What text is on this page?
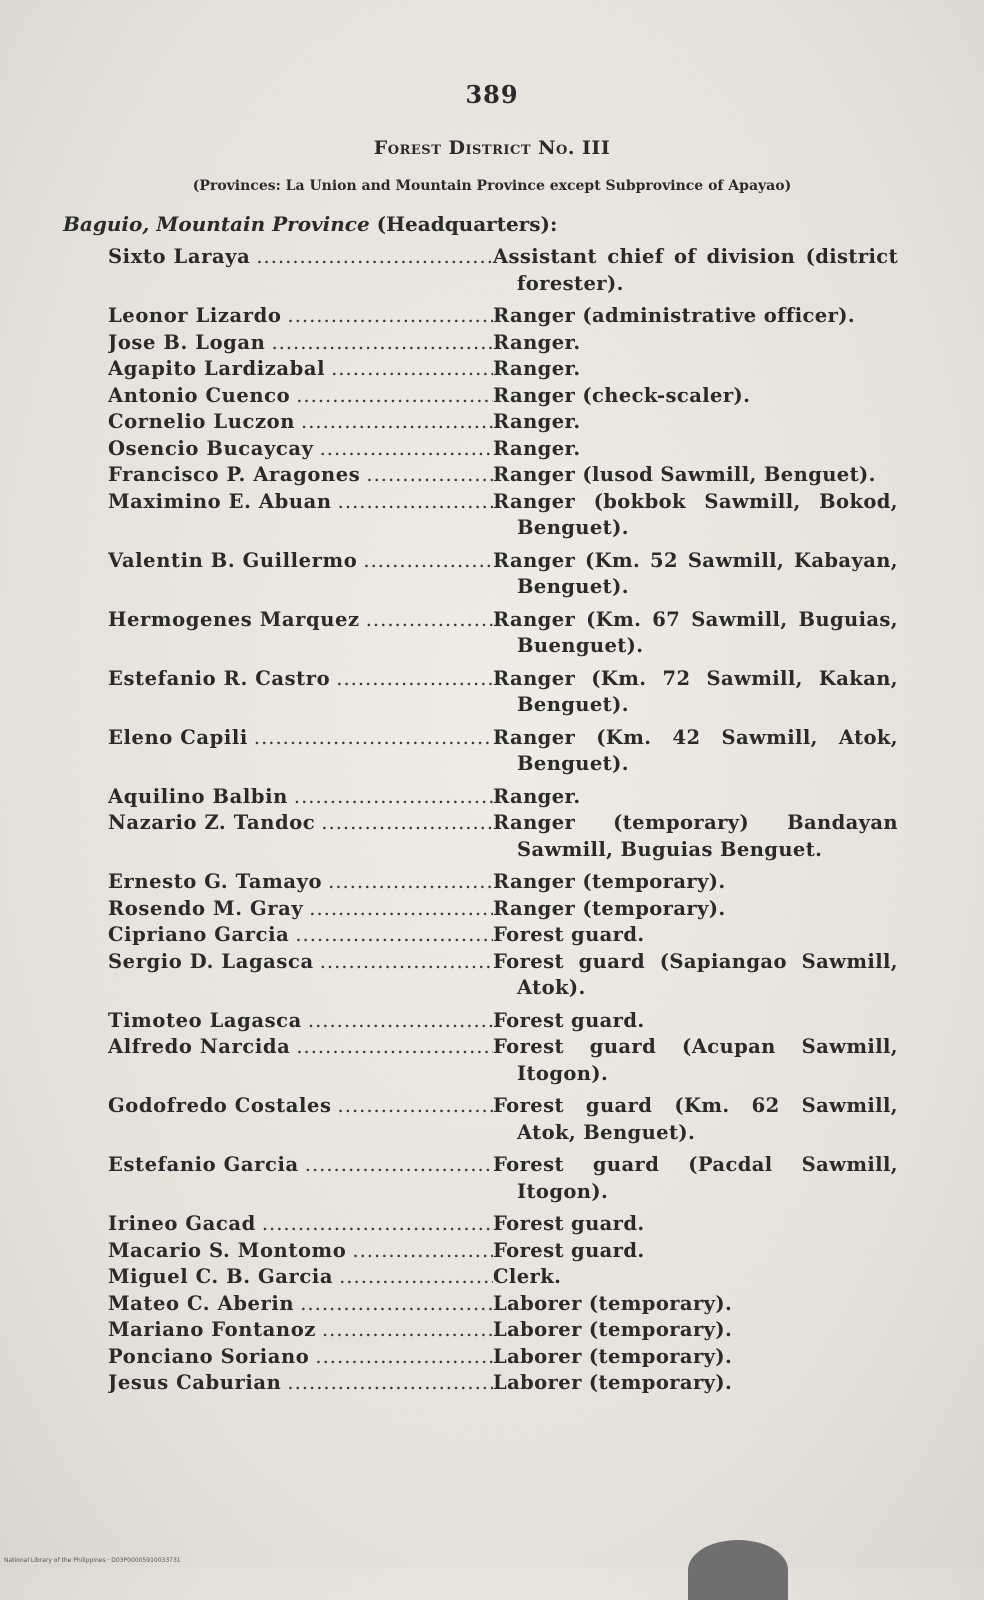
389
Forest District No. III
(Provinces: La Union and Mountain Province except Subprovince of Apayao)
Baguio, Mountain Province (Headquarters):
Sixto Laraya .....	Assistant chief of division (district forester).
Leonor Lizardo .....	Ranger (administrative officer).
Jose B. Logan .....	Ranger.
Agapito Lardizabal .....	Ranger.
Antonio Cuenco .....	Ranger (check-scaler).
Cornelio Luczon .....	Ranger.
Osencio Bucaycay .....	Ranger.
Francisco P. Aragones .....	Ranger (lusod Sawmill, Benguet).
Maximino E. Abuan .....	Ranger (bokbok Sawmill, Bokod, Benguet).
Valentin B. Guillermo .....	Ranger (Km. 52 Sawmill, Kabayan, Benguet).
Hermogenes Marquez .....	Ranger (Km. 67 Sawmill, Buguias, Buenguet).
Estefanio R. Castro .....	Ranger (Km. 72 Sawmill, Kakan, Benguet).
Eleno Capili .....	Ranger (Km. 42 Sawmill, Atok, Benguet).
Aquilino Balbin .....	Ranger.
Nazario Z. Tandoc .....	Ranger (temporary) Bandayan Sawmill, Buguias Benguet.
Ernesto G. Tamayo .....	Ranger (temporary).
Rosendo M. Gray .....	Ranger (temporary).
Cipriano Garcia .....	Forest guard.
Sergio D. Lagasca .....	Forest guard (Sapiangao Sawmill, Atok).
Timoteo Lagasca .....	Forest guard.
Alfredo Narcida .....	Forest guard (Acupan Sawmill, Itogon).
Godofredo Costales .....	Forest guard (Km. 62 Sawmill, Atok, Benguet).
Estefanio Garcia .....	Forest guard (Pacdal Sawmill, Itogon).
Irineo Gacad .....	Forest guard.
Macario S. Montomo .....	Forest guard.
Miguel C. B. Garcia .....	Clerk.
Mateo C. Aberin .....	Laborer (temporary).
Mariano Fontanoz .....	Laborer (temporary).
Ponciano Soriano .....	Laborer (temporary).
Jesus Caburian .....	Laborer (temporary).
National Library of the Philippines · D03P00005910033731
